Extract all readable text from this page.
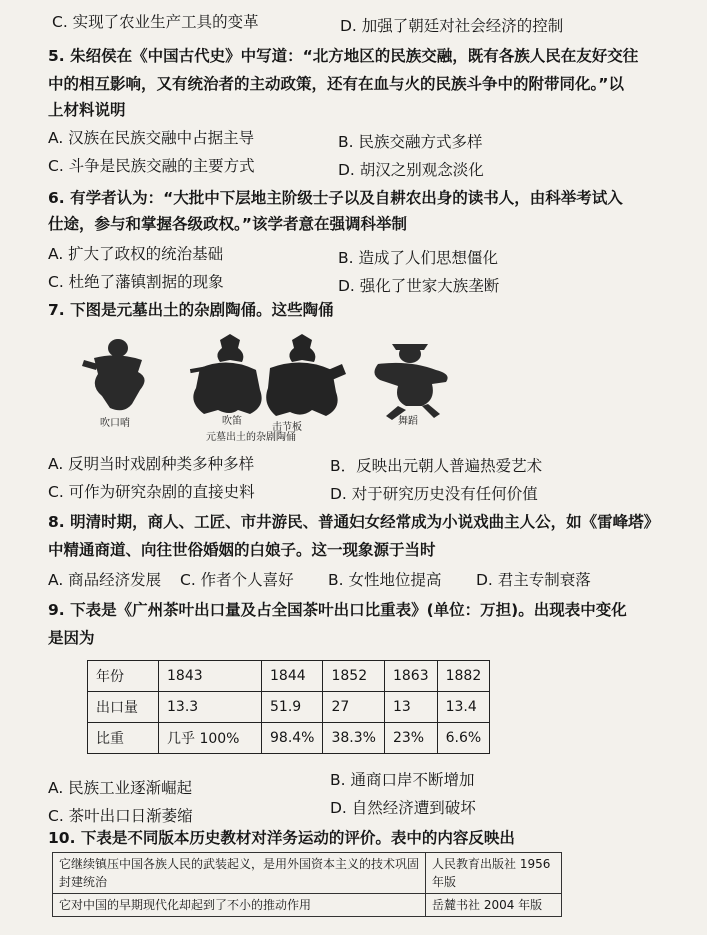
C. 实现了农业生产工具的变革	D. 加强了朝廷对社会经济的控制
5. 朱绍侯在《中国古代史》中写道：“北方地区的民族交融，既有各族人民在友好交往
中的相互影响，又有统治者的主动政策，还有在血与火的民族斗争中的附带同化。”以
上材料说明
A. 汉族在民族交融中占据主导	B. 民族交融方式多样
C. 斗争是民族交融的主要方式	D. 胡汉之别观念淡化
6. 有学者认为：“大批中下层地主阶级士子以及自耕农出身的读书人，由科举考试入
仕途，参与和掌握各级政权。”该学者意在强调科举制
A. 扩大了政权的统治基础	B. 造成了人们思想僵化
C. 杜绝了藩镇割据的现象	D. 强化了世家大族垄断
7. 下图是元墓出土的杂剧陶俑。这些陶俑
吹口哨	吹笛
击节板
舞蹈
元墓出土的杂剧陶俑
A. 反明当时戏剧种类多种多样	B．反映出元朝人普遍热爱艺术
C. 可作为研究杂剧的直接史料	D. 对于研究历史没有任何价值
8. 明清时期，商人、工匠、市井游民、普通妇女经常成为小说戏曲主人公，如《雷峰塔》
中精通商道、向往世俗婚姻的白娘子。这一现象源于当时
A. 商品经济发展 C. 作者个人喜好 B. 女性地位提高 D. 君主专制衰落
9. 下表是《广州茶叶出口量及占全国茶叶出口比重表》(单位：万担)。出现表中变化
是因为
年份	1843	1844	1852	1863	1882
出口量	13.3	51.9	27	13	13.4
比重	几乎 100%	98.4%	38.3%	23%	6.6%
A. 民族工业逐渐崛起	B. 通商口岸不断增加
C. 茶叶出口日渐萎缩	D. 自然经济遭到破坏
10. 下表是不同版本历史教材对洋务运动的评价。表中的内容反映出
它继续镇压中国各族人民的武装起义，是用外国资本主义的技术巩固封建统治	人民教育出版社 1956 年版
它对中国的早期现代化却起到了不小的推动作用	岳麓书社 2004 年版
